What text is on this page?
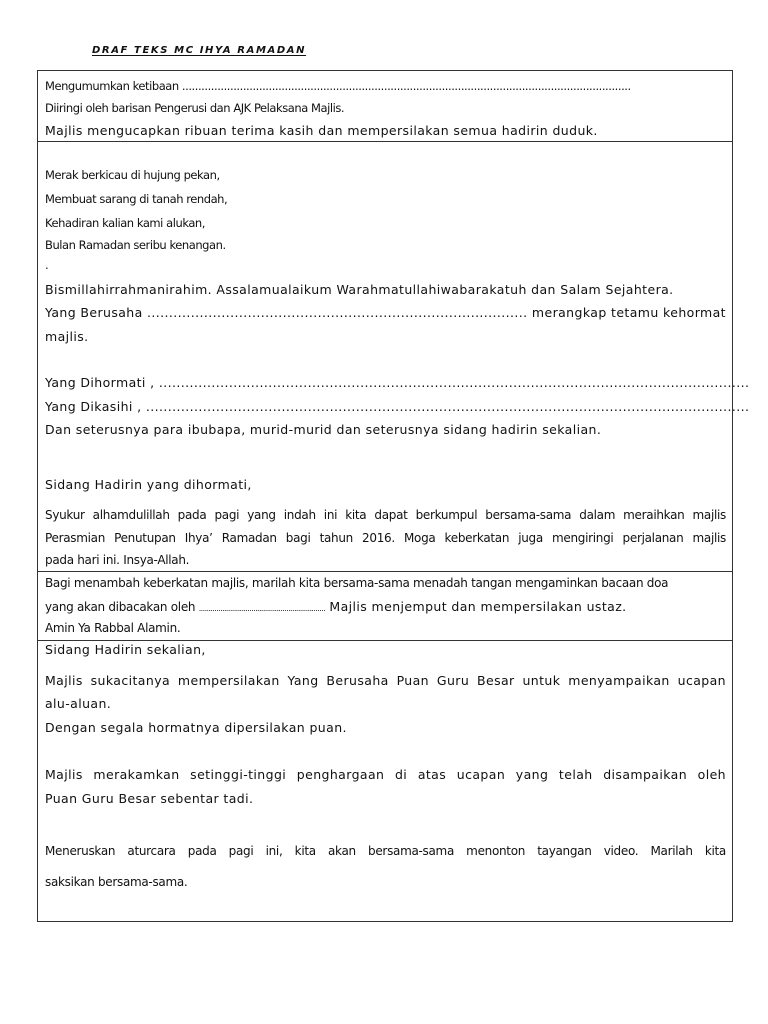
DRAF TEKS MC IHYA RAMADAN
Mengumumkan ketibaan ............................................................................................................................................
Diiringi oleh barisan Pengerusi dan AJK Pelaksana Majlis.
Majlis mengucapkan ribuan terima kasih dan mempersilakan semua hadirin duduk.
Merak berkicau di hujung pekan,
Membuat sarang di tanah rendah,
Kehadiran kalian kami alukan,
Bulan Ramadan seribu kenangan.
.
Bismillahirrahmanirahim. Assalamualaikum Warahmatullahiwabarakatuh dan Salam Sejahtera.
Yang Berusaha ....................................................................................... merangkap tetamu kehormat
majlis.
Yang Dihormati , .......................................................................................................................................
Yang Dikasihi , ..........................................................................................................................................
Dan seterusnya para ibubapa, murid-murid dan seterusnya sidang hadirin sekalian.
Sidang Hadirin yang dihormati,
Syukur alhamdulillah pada pagi yang indah ini kita dapat berkumpul bersama-sama dalam meraihkan majlis
Perasmian Penutupan Ihya’ Ramadan bagi tahun 2016. Moga keberkatan juga mengiringi perjalanan majlis
pada hari ini. Insya-Allah.
Bagi menambah keberkatan majlis, marilah kita bersama-sama menadah tangan mengaminkan bacaan doa
yang akan dibacakan oleh ................................................................. Majlis menjemput dan mempersilakan ustaz.
Amin Ya Rabbal Alamin.
Sidang Hadirin sekalian,
Majlis sukacitanya mempersilakan Yang Berusaha Puan Guru Besar untuk menyampaikan ucapan
alu-aluan.
Dengan segala hormatnya dipersilakan puan.
Majlis merakamkan setinggi-tinggi penghargaan di atas ucapan yang telah disampaikan oleh
Puan Guru Besar sebentar tadi.
Meneruskan aturcara pada pagi ini, kita akan bersama-sama menonton tayangan video. Marilah kita
saksikan bersama-sama.
